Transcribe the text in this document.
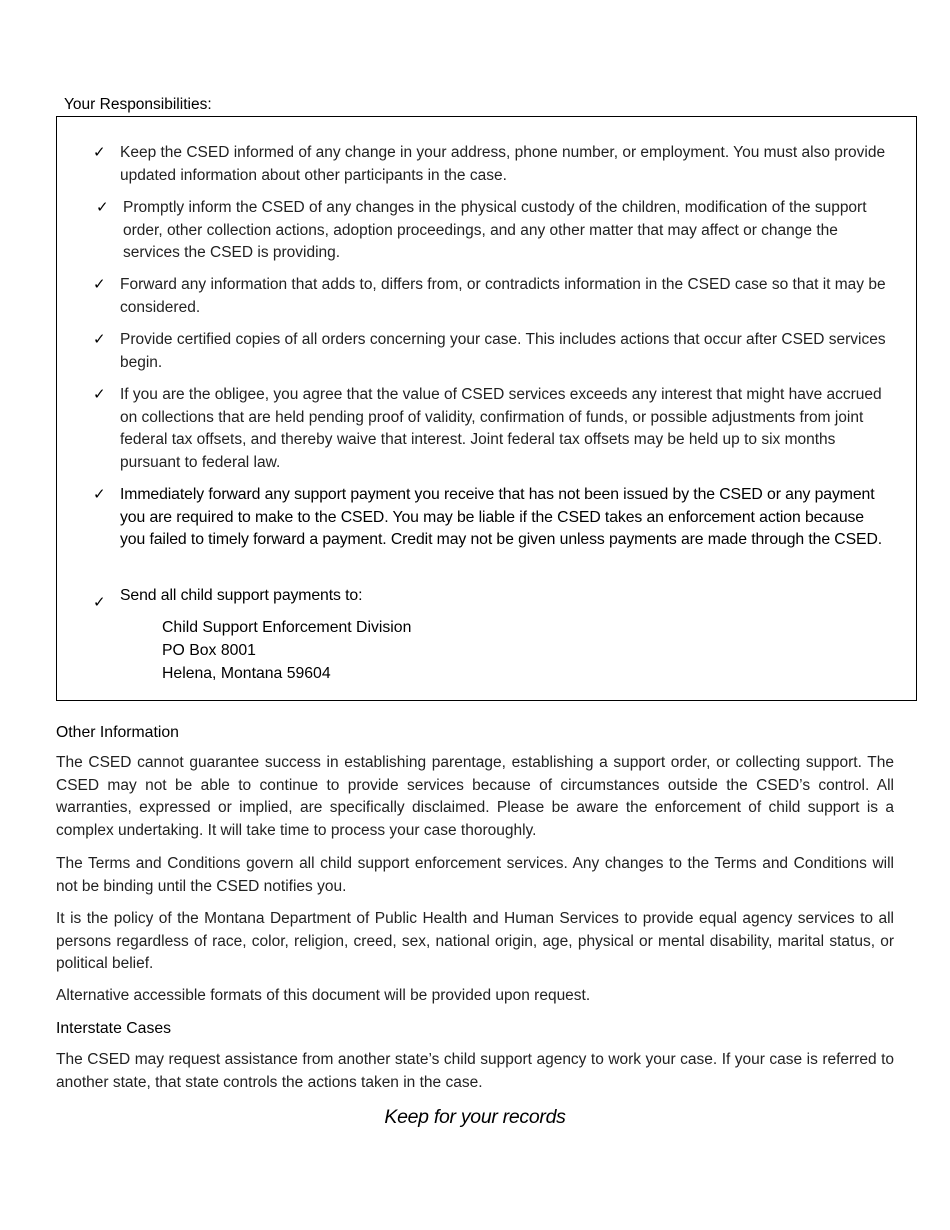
Your Responsibilities:
✓ Keep the CSED informed of any change in your address, phone number, or employment. You must also provide updated information about other participants in the case.
✓ Promptly inform the CSED of any changes in the physical custody of the children, modification of the support order, other collection actions, adoption proceedings, and any other matter that may affect or change the services the CSED is providing.
✓ Forward any information that adds to, differs from, or contradicts information in the CSED case so that it may be considered.
✓ Provide certified copies of all orders concerning your case. This includes actions that occur after CSED services begin.
✓ If you are the obligee, you agree that the value of CSED services exceeds any interest that might have accrued on collections that are held pending proof of validity, confirmation of funds, or possible adjustments from joint federal tax offsets, and thereby waive that interest. Joint federal tax offsets may be held up to six months pursuant to federal law.
✓ Immediately forward any support payment you receive that has not been issued by the CSED or any payment you are required to make to the CSED. You may be liable if the CSED takes an enforcement action because you failed to timely forward a payment. Credit may not be given unless payments are made through the CSED.
✓ Send all child support payments to:
Child Support Enforcement Division
PO Box 8001
Helena, Montana 59604
Other Information
The CSED cannot guarantee success in establishing parentage, establishing a support order, or collecting support. The CSED may not be able to continue to provide services because of circumstances outside the CSED’s control. All warranties, expressed or implied, are specifically disclaimed. Please be aware the enforcement of child support is a complex undertaking. It will take time to process your case thoroughly.
The Terms and Conditions govern all child support enforcement services. Any changes to the Terms and Conditions will not be binding until the CSED notifies you.
It is the policy of the Montana Department of Public Health and Human Services to provide equal agency services to all persons regardless of race, color, religion, creed, sex, national origin, age, physical or mental disability, marital status, or political belief.
Alternative accessible formats of this document will be provided upon request.
Interstate Cases
The CSED may request assistance from another state’s child support agency to work your case. If your case is referred to another state, that state controls the actions taken in the case.
Keep for your records
